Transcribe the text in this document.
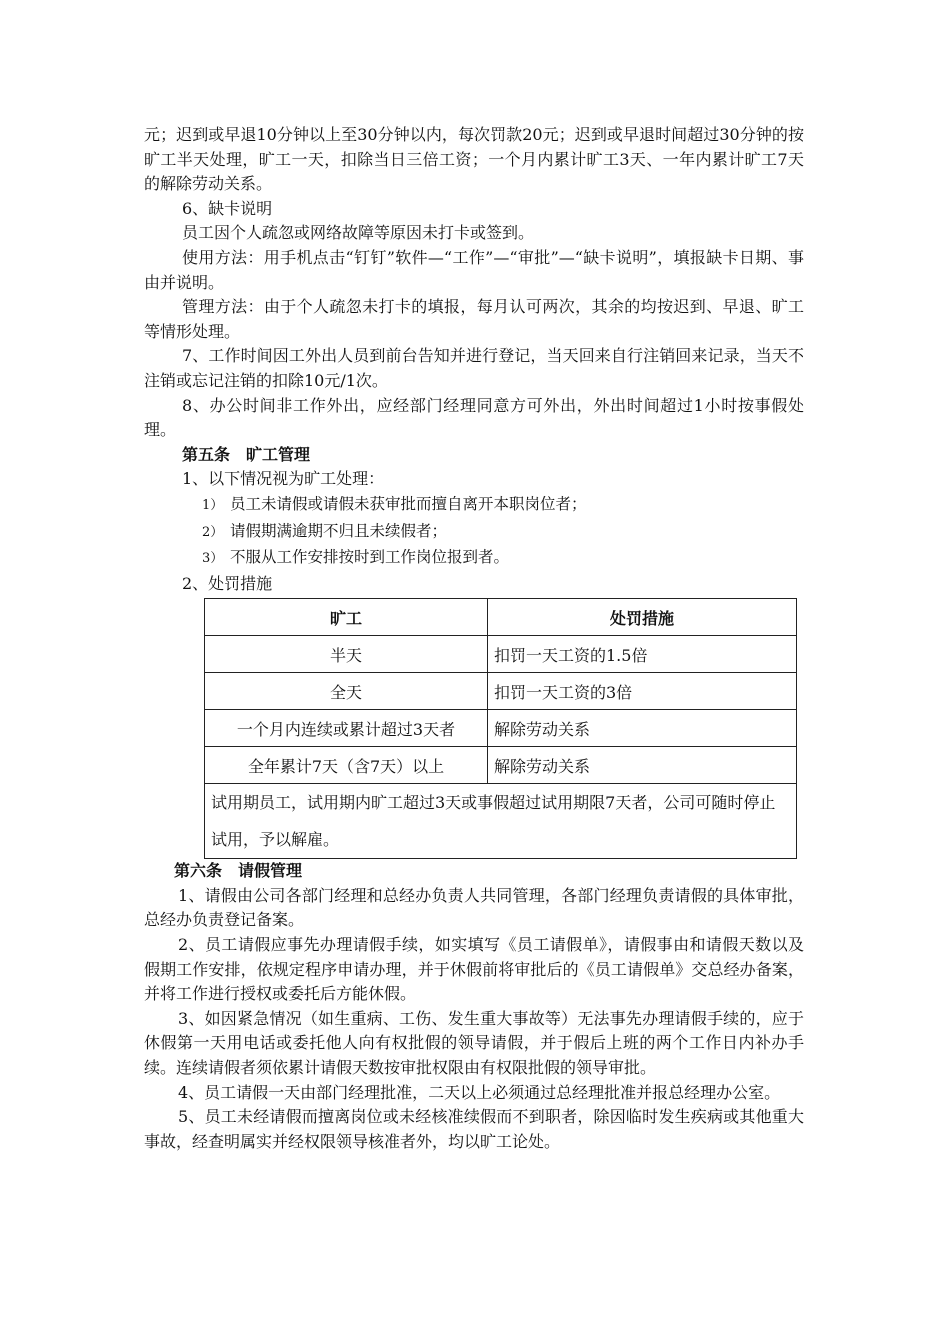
元；迟到或早退10分钟以上至30分钟以内，每次罚款20元；迟到或早退时间超过30分钟的按旷工半天处理，旷工一天，扣除当日三倍工资；一个月内累计旷工3天、一年内累计旷工7天的解除劳动关系。

6、缺卡说明

员工因个人疏忽或网络故障等原因未打卡或签到。

使用方法：用手机点击“钉钉”软件—“工作”—“审批”—“缺卡说明”，填报缺卡日期、事由并说明。

管理方法：由于个人疏忽未打卡的填报，每月认可两次，其余的均按迟到、早退、旷工等情形处理。

7、工作时间因工外出人员到前台告知并进行登记，当天回来自行注销回来记录，当天不注销或忘记注销的扣除10元/1次。

8、办公时间非工作外出，应经部门经理同意方可外出，外出时间超过1小时按事假处理。

第五条　旷工管理

1、以下情况视为旷工处理：

1） 员工未请假或请假未获审批而擅自离开本职岗位者；

2） 请假期满逾期不归且未续假者；

3） 不服从工作安排按时到工作岗位报到者。

2、处罚措施

旷工	处罚措施
半天	扣罚一天工资的1.5倍
全天	扣罚一天工资的3倍
一个月内连续或累计超过3天者	解除劳动关系
全年累计7天（含7天）以上	解除劳动关系
试用期员工，试用期内旷工超过3天或事假超过试用期限7天者，公司可随时停止试用，予以解雇。	

第六条　请假管理

1、请假由公司各部门经理和总经办负责人共同管理，各部门经理负责请假的具体审批，总经办负责登记备案。

2、员工请假应事先办理请假手续，如实填写《员工请假单》，请假事由和请假天数以及假期工作安排，依规定程序申请办理，并于休假前将审批后的《员工请假单》交总经办备案，并将工作进行授权或委托后方能休假。

3、如因紧急情况（如生重病、工伤、发生重大事故等）无法事先办理请假手续的，应于休假第一天用电话或委托他人向有权批假的领导请假，并于假后上班的两个工作日内补办手续。连续请假者须依累计请假天数按审批权限由有权限批假的领导审批。

4、员工请假一天由部门经理批准，二天以上必须通过总经理批准并报总经理办公室。

5、员工未经请假而擅离岗位或未经核准续假而不到职者，除因临时发生疾病或其他重大事故，经查明属实并经权限领导核准者外，均以旷工论处。
